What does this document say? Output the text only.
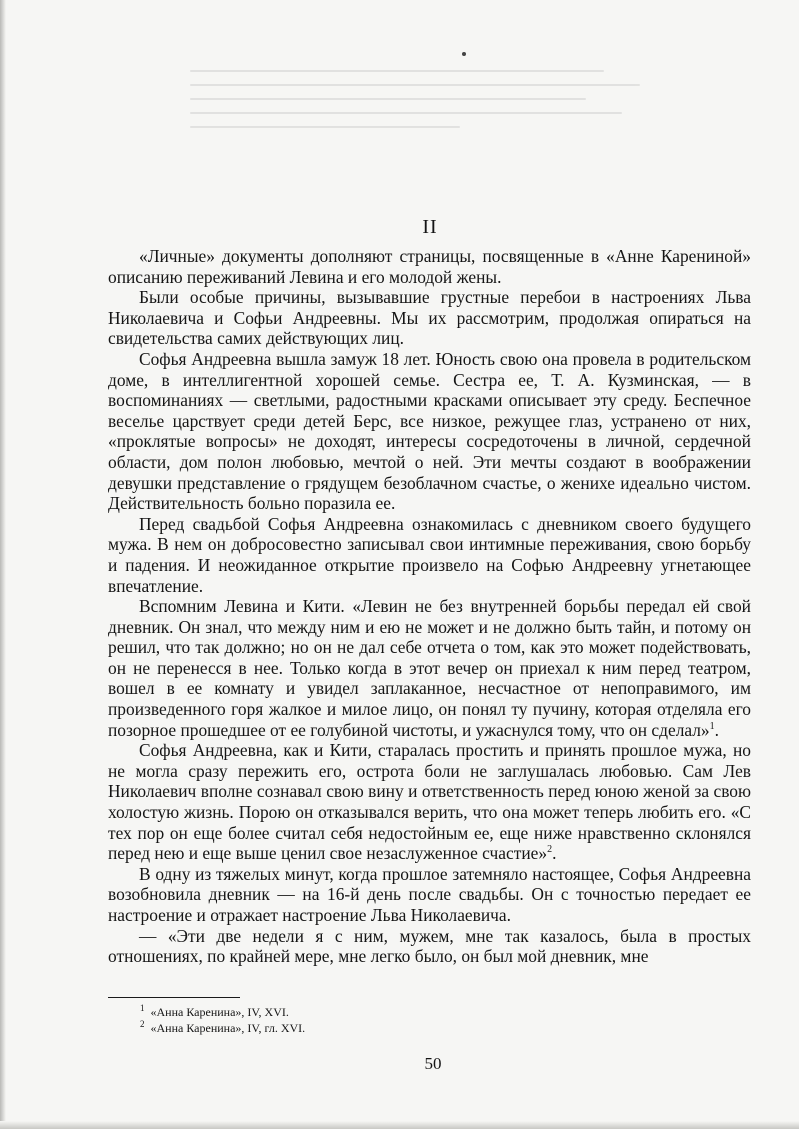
II

«Личные» документы дополняют страницы, посвященные в «Анне Карениной» описанию переживаний Левина и его молодой жены.

Были особые причины, вызывавшие грустные перебои в настроениях Льва Николаевича и Софьи Андреевны. Мы их рассмотрим, продолжая опираться на свидетельства самих действующих лиц.

Софья Андреевна вышла замуж 18 лет. Юность свою она провела в родительском доме, в интеллигентной хорошей семье. Сестра ее, Т. А. Кузминская, — в воспоминаниях — светлыми, радостными красками описывает эту среду. Беспечное веселье царствует среди детей Берс, все низкое, режущее глаз, устранено от них, «проклятые вопросы» не доходят, интересы сосредоточены в личной, сердечной области, дом полон любовью, мечтой о ней. Эти мечты создают в воображении девушки представление о грядущем безоблачном счастье, о женихе идеально чистом. Действительность больно поразила ее.

Перед свадьбой Софья Андреевна ознакомилась с дневником своего будущего мужа. В нем он добросовестно записывал свои интимные переживания, свою борьбу и падения. И неожиданное открытие произвело на Софью Андреевну угнетающее впечатление.

Вспомним Левина и Кити. «Левин не без внутренней борьбы передал ей свой дневник. Он знал, что между ним и ею не может и не должно быть тайн, и потому он решил, что так должно; но он не дал себе отчета о том, как это может подействовать, он не перенесся в нее. Только когда в этот вечер он приехал к ним перед театром, вошел в ее комнату и увидел заплаканное, несчастное от непоправимого, им произведенного горя жалкое и милое лицо, он понял ту пучину, которая отделяла его позорное прошедшее от ее голубиной чистоты, и ужаснулся тому, что он сделал»$^1$.

Софья Андреевна, как и Кити, старалась простить и принять прошлое мужа, но не могла сразу пережить его, острота боли не заглушалась любовью. Сам Лев Николаевич вполне сознавал свою вину и ответственность перед юною женой за свою холостую жизнь. Порою он отказывался верить, что она может теперь любить его. «С тех пор он еще более считал себя недостойным ее, еще ниже нравственно склонялся перед нею и еще выше ценил свое незаслуженное счастие»$^2$.

В одну из тяжелых минут, когда прошлое затемняло настоящее, Софья Андреевна возобновила дневник — на 16-й день после свадьбы. Он с точностью передает ее настроение и отражает настроение Льва Николаевича.

— «Эти две недели я с ним, мужем, мне так казалось, была в простых отношениях, по крайней мере, мне легко было, он был мой дневник, мне

$^1$ «Анна Каренина», IV, XVI.

$^2$ «Анна Каренина», IV, гл. XVI.

50
